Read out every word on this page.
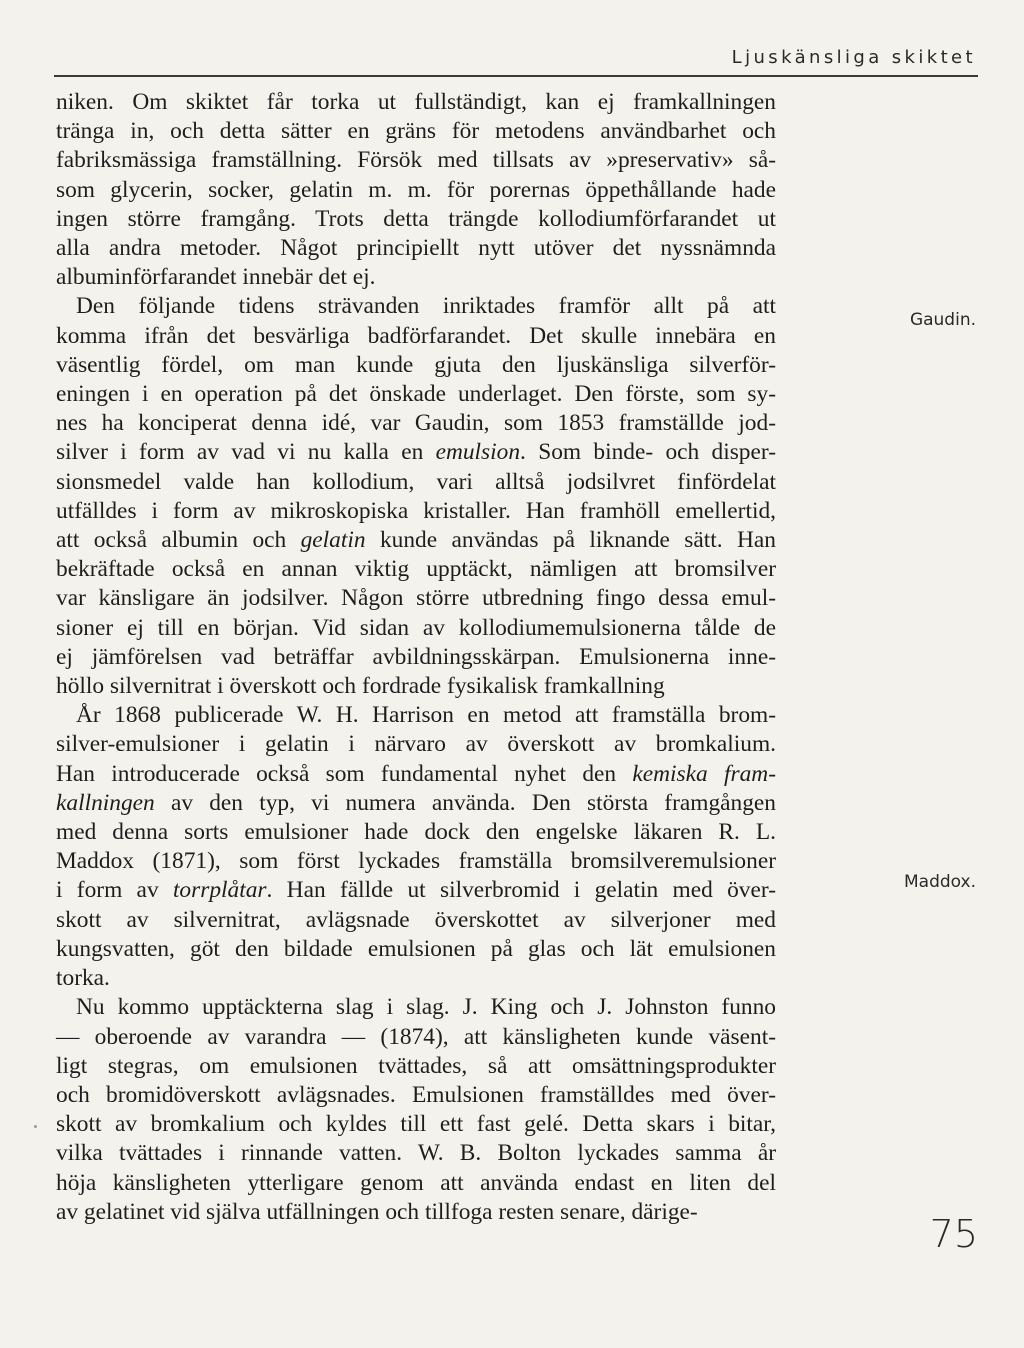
Ljuskänsliga skiktet
niken. Om skiktet får torka ut fullständigt, kan ej framkallningen
tränga in, och detta sätter en gräns för metodens användbarhet och
fabriksmässiga framställning. Försök med tillsats av »preservativ» så-
som glycerin, socker, gelatin m. m. för porernas öppethållande hade
ingen större framgång. Trots detta trängde kollodiumförfarandet ut
alla andra metoder. Något principiellt nytt utöver det nyssnämnda
albuminförfarandet innebär det ej.
Den följande tidens strävanden inriktades framför allt på att
komma ifrån det besvärliga badförfarandet. Det skulle innebära en
väsentlig fördel, om man kunde gjuta den ljuskänsliga silverför-
eningen i en operation på det önskade underlaget. Den förste, som sy-
nes ha konciperat denna idé, var Gaudin, som 1853 framställde jod-
silver i form av vad vi nu kalla en emulsion. Som binde- och disper-
sionsmedel valde han kollodium, vari alltså jodsilvret finfördelat
utfälldes i form av mikroskopiska kristaller. Han framhöll emellertid,
att också albumin och gelatin kunde användas på liknande sätt. Han
bekräftade också en annan viktig upptäckt, nämligen att bromsilver
var känsligare än jodsilver. Någon större utbredning fingo dessa emul-
sioner ej till en början. Vid sidan av kollodiumemulsionerna tålde de
ej jämförelsen vad beträffar avbildningsskärpan. Emulsionerna inne-
höllo silvernitrat i överskott och fordrade fysikalisk framkallning
År 1868 publicerade W. H. Harrison en metod att framställa brom-
silver-emulsioner i gelatin i närvaro av överskott av bromkalium.
Han introducerade också som fundamental nyhet den kemiska fram-
kallningen av den typ, vi numera använda. Den största framgången
med denna sorts emulsioner hade dock den engelske läkaren R. L.
Maddox (1871), som först lyckades framställa bromsilveremulsioner
i form av torrplåtar. Han fällde ut silverbromid i gelatin med över-
skott av silvernitrat, avlägsnade överskottet av silverjoner med
kungsvatten, göt den bildade emulsionen på glas och lät emulsionen
torka.
Nu kommo upptäckterna slag i slag. J. King och J. Johnston funno
— oberoende av varandra — (1874), att känsligheten kunde väsent-
ligt stegras, om emulsionen tvättades, så att omsättningsprodukter
och bromidöverskott avlägsnades. Emulsionen framställdes med över-
skott av bromkalium och kyldes till ett fast gelé. Detta skars i bitar,
vilka tvättades i rinnande vatten. W. B. Bolton lyckades samma år
höja känsligheten ytterligare genom att använda endast en liten del
av gelatinet vid själva utfällningen och tillfoga resten senare, därige-
Gaudin.
Maddox.
75
